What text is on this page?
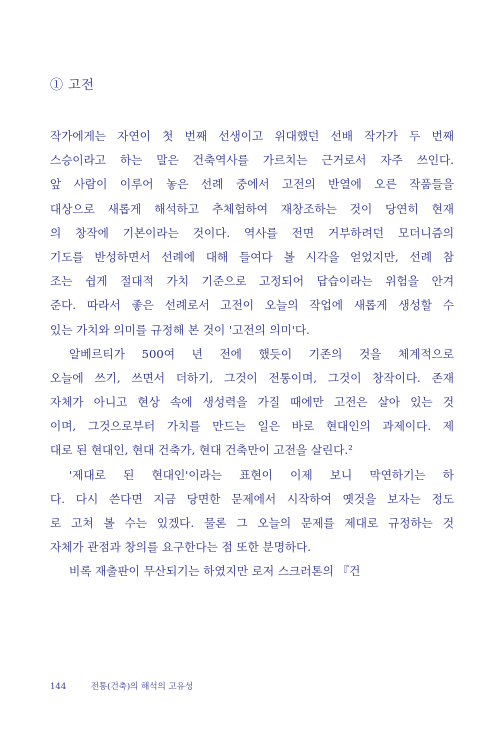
① 고전
작가에게는 자연이 첫 번째 선생이고 위대했던 선배 작가가 두 번째
스승이라고 하는 말은 건축역사를 가르치는 근거로서 자주 쓰인다.
앞 사람이 이루어 놓은 선례 중에서 고전의 반열에 오른 작품들을
대상으로 새롭게 해석하고 추체험하여 재창조하는 것이 당연히 현재
의 창작에 기본이라는 것이다. 역사를 전면 거부하려던 모더니즘의
기도를 반성하면서 선례에 대해 들여다 볼 시각을 얻었지만, 선례 참
조는 쉽게 절대적 가치 기준으로 고정되어 답습이라는 위험을 안겨
준다. 따라서 좋은 선례로서 고전이 오늘의 작업에 새롭게 생성할 수
있는 가치와 의미를 규정해 본 것이 '고전의 의미'다.
알베르티가 500여 년 전에 했듯이 기존의 것을 체계적으로
오늘에 쓰기, 쓰면서 더하기, 그것이 전통이며, 그것이 창작이다. 존재
자체가 아니고 현상 속에 생성력을 가질 때에만 고전은 살아 있는 것
이며, 그것으로부터 가치를 만드는 일은 바로 현대인의 과제이다. 제
대로 된 현대인, 현대 건축가, 현대 건축만이 고전을 살린다.²
'제대로 된 현대인'이라는 표현이 이제 보니 막연하기는 하
다. 다시 쓴다면 지금 당면한 문제에서 시작하여 옛것을 보자는 정도
로 고쳐 볼 수는 있겠다. 물론 그 오늘의 문제를 제대로 규정하는 것
자체가 관점과 창의를 요구한다는 점 또한 분명하다.
비록 재출판이 무산되기는 하였지만 로저 스크러톤의 『건
144	전통(건축)의 해석의 고유성
